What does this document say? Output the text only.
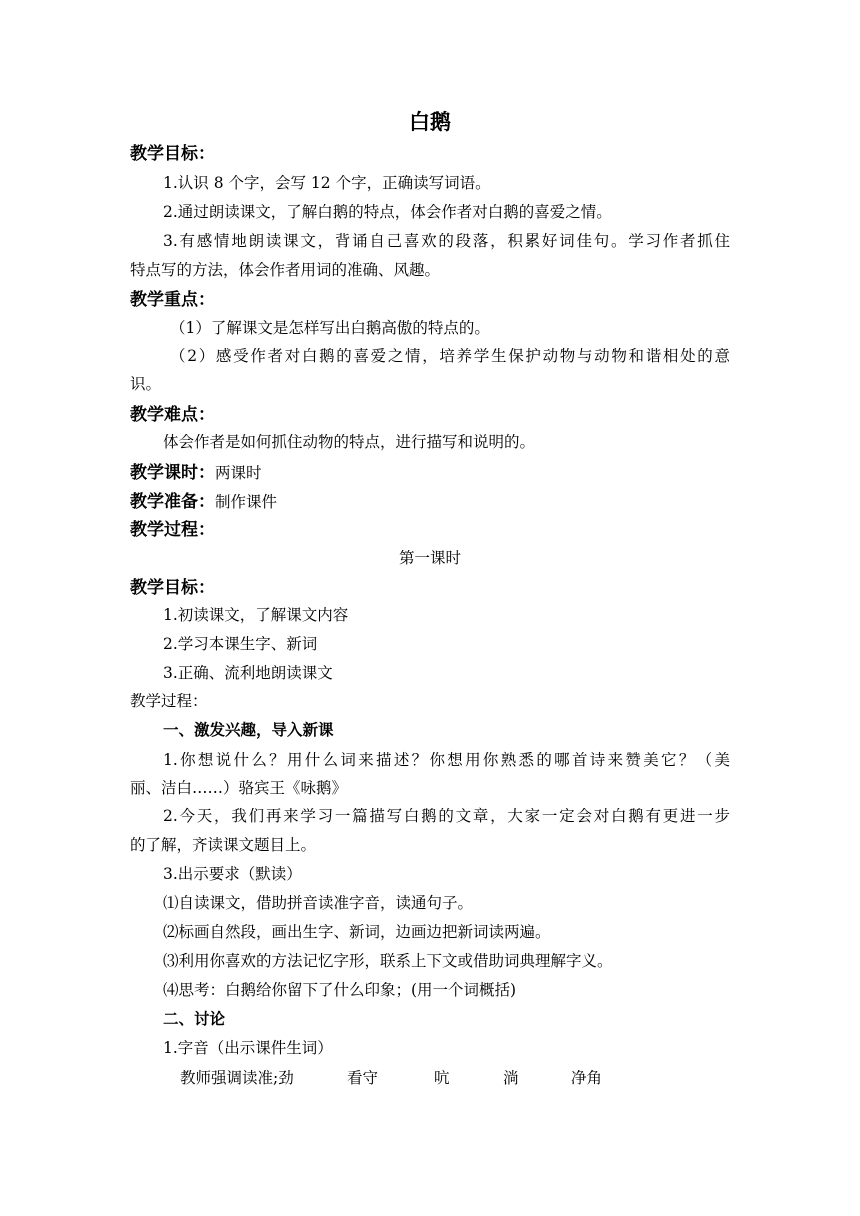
白鹅
教学目标：
1.认识 8 个字，会写 12 个字，正确读写词语。
2.通过朗读课文，了解白鹅的特点，体会作者对白鹅的喜爱之情。
3.有感情地朗读课文，背诵自己喜欢的段落，积累好词佳句。学习作者抓住
特点写的方法，体会作者用词的准确、风趣。
教学重点：
（1）了解课文是怎样写出白鹅高傲的特点的。
（2）感受作者对白鹅的喜爱之情，培养学生保护动物与动物和谐相处的意
识。
教学难点：
体会作者是如何抓住动物的特点，进行描写和说明的。
教学课时：两课时
教学准备：制作课件
教学过程：
第一课时
教学目标：
1.初读课文，了解课文内容
2.学习本课生字、新词
3.正确、流利地朗读课文
教学过程：
一、激发兴趣，导入新课
1.你想说什么？用什么词来描述？你想用你熟悉的哪首诗来赞美它？（美
丽、洁白……）骆宾王《咏鹅》
2.今天，我们再来学习一篇描写白鹅的文章，大家一定会对白鹅有更进一步
的了解，齐读课文题目上。
3.出示要求（默读）
⑴自读课文，借助拼音读准字音，读通句子。
⑵标画自然段，画出生字、新词，边画边把新词读两遍。
⑶利用你喜欢的方法记忆字形，联系上下文或借助词典理解字义。
⑷思考：白鹅给你留下了什么印象；(用一个词概括)
二、讨论
1.字音（出示课件生词）
教师强调读准;劲	看守	吭	淌	净角
